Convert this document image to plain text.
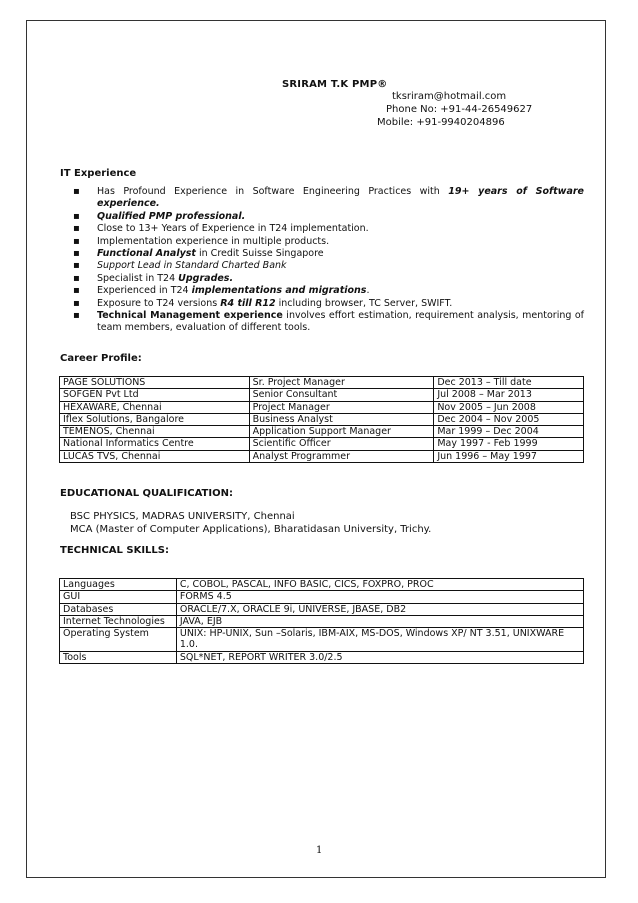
SRIRAM T.K PMP®
tksriram@hotmail.com
Phone No: +91-44-26549627
Mobile: +91-9940204896
IT Experience
▪ Has Profound Experience in Software Engineering Practices with 19+ years of Software experience.
▪ Qualified PMP professional.
▪ Close to 13+ Years of Experience in T24 implementation.
▪ Implementation experience in multiple products.
▪ Functional Analyst in Credit Suisse Singapore
▪ Support Lead in Standard Charted Bank
▪ Specialist in T24 Upgrades.
▪ Experienced in T24 implementations and migrations.
▪ Exposure to T24 versions R4 till R12 including browser, TC Server, SWIFT.
▪ Technical Management experience involves effort estimation, requirement analysis, mentoring of team members, evaluation of different tools.
Career Profile:
PAGE SOLUTIONS	Sr. Project Manager	Dec 2013 – Till date
SOFGEN Pvt Ltd	Senior Consultant	Jul 2008 – Mar 2013
HEXAWARE, Chennai	Project Manager	Nov 2005 – Jun 2008
Iflex Solutions, Bangalore	Business Analyst	Dec 2004 – Nov 2005
TEMENOS, Chennai	Application Support Manager	Mar 1999 – Dec 2004
National Informatics Centre	Scientific Officer	May 1997 - Feb 1999
LUCAS TVS, Chennai	Analyst Programmer	Jun 1996 – May 1997
EDUCATIONAL QUALIFICATION:
BSC PHYSICS, MADRAS UNIVERSITY, Chennai
MCA (Master of Computer Applications), Bharatidasan University, Trichy.
TECHNICAL SKILLS:
Languages	C, COBOL, PASCAL, INFO BASIC, CICS, FOXPRO, PROC
GUI	FORMS 4.5
Databases	ORACLE/7.X, ORACLE 9i, UNIVERSE, JBASE, DB2
Internet Technologies	JAVA, EJB
Operating System	UNIX: HP-UNIX, Sun –Solaris, IBM-AIX, MS-DOS, Windows XP/ NT 3.51, UNIXWARE 1.0.
Tools	SQL*NET, REPORT WRITER 3.0/2.5
1
